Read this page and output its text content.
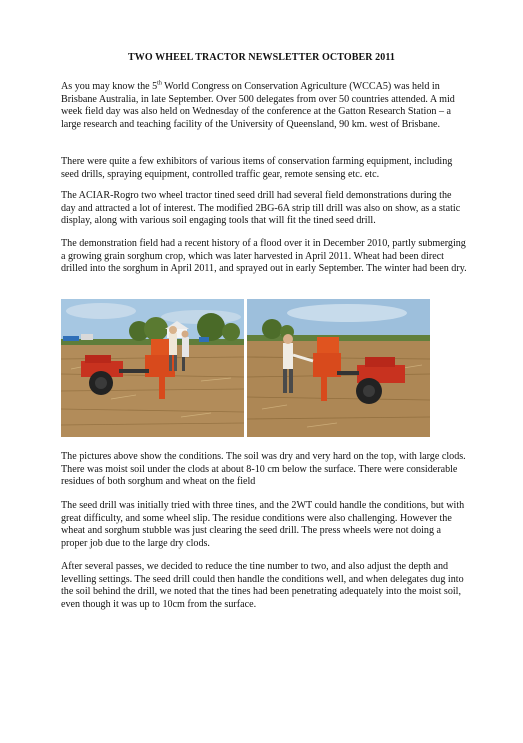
TWO WHEEL TRACTOR NEWSLETTER OCTOBER 2011

As you may know the 5th World Congress on Conservation Agriculture (WCCA5) was held in Brisbane Australia, in late September. Over 500 delegates from over 50 countries attended. A mid week field day was also held on Wednesday of the conference at the Gatton Research Station – a large research and teaching facility of the University of Queensland, 90 km. west of Brisbane.

There were quite a few exhibitors of various items of conservation farming equipment, including seed drills, spraying equipment, controlled traffic gear, remote sensing etc. etc.

The ACIAR-Rogro two wheel tractor tined seed drill had several field demonstrations during the day and attracted a lot of interest. The modified 2BG-6A strip till drill was also on show, as a static display, along with various soil engaging tools that will fit the tined seed drill.

The demonstration field had a recent history of a flood over it in December 2010, partly submerging a growing grain sorghum crop, which was later harvested in April 2011. Wheat had been direct drilled into the sorghum in April 2011, and sprayed out in early September. The winter had been dry.

The pictures above show the conditions. The soil was dry and very hard on the top, with large clods. There was moist soil under the clods at about 8-10 cm below the surface. There were considerable residues of both sorghum and wheat on the field

The seed drill was initially tried with three tines, and the 2WT could handle the conditions, but with great difficulty, and some wheel slip. The residue conditions were also challenging. However the wheat and sorghum stubble was just clearing the seed drill. The press wheels were not doing a proper job due to the large dry clods.

After several passes, we decided to reduce the tine number to two, and also adjust the depth and levelling settings. The seed drill could then handle the conditions well, and when delegates dug into the soil behind the drill, we noted that the tines had been penetrating adequately into the moist soil, even though it was up to 10cm from the surface.
